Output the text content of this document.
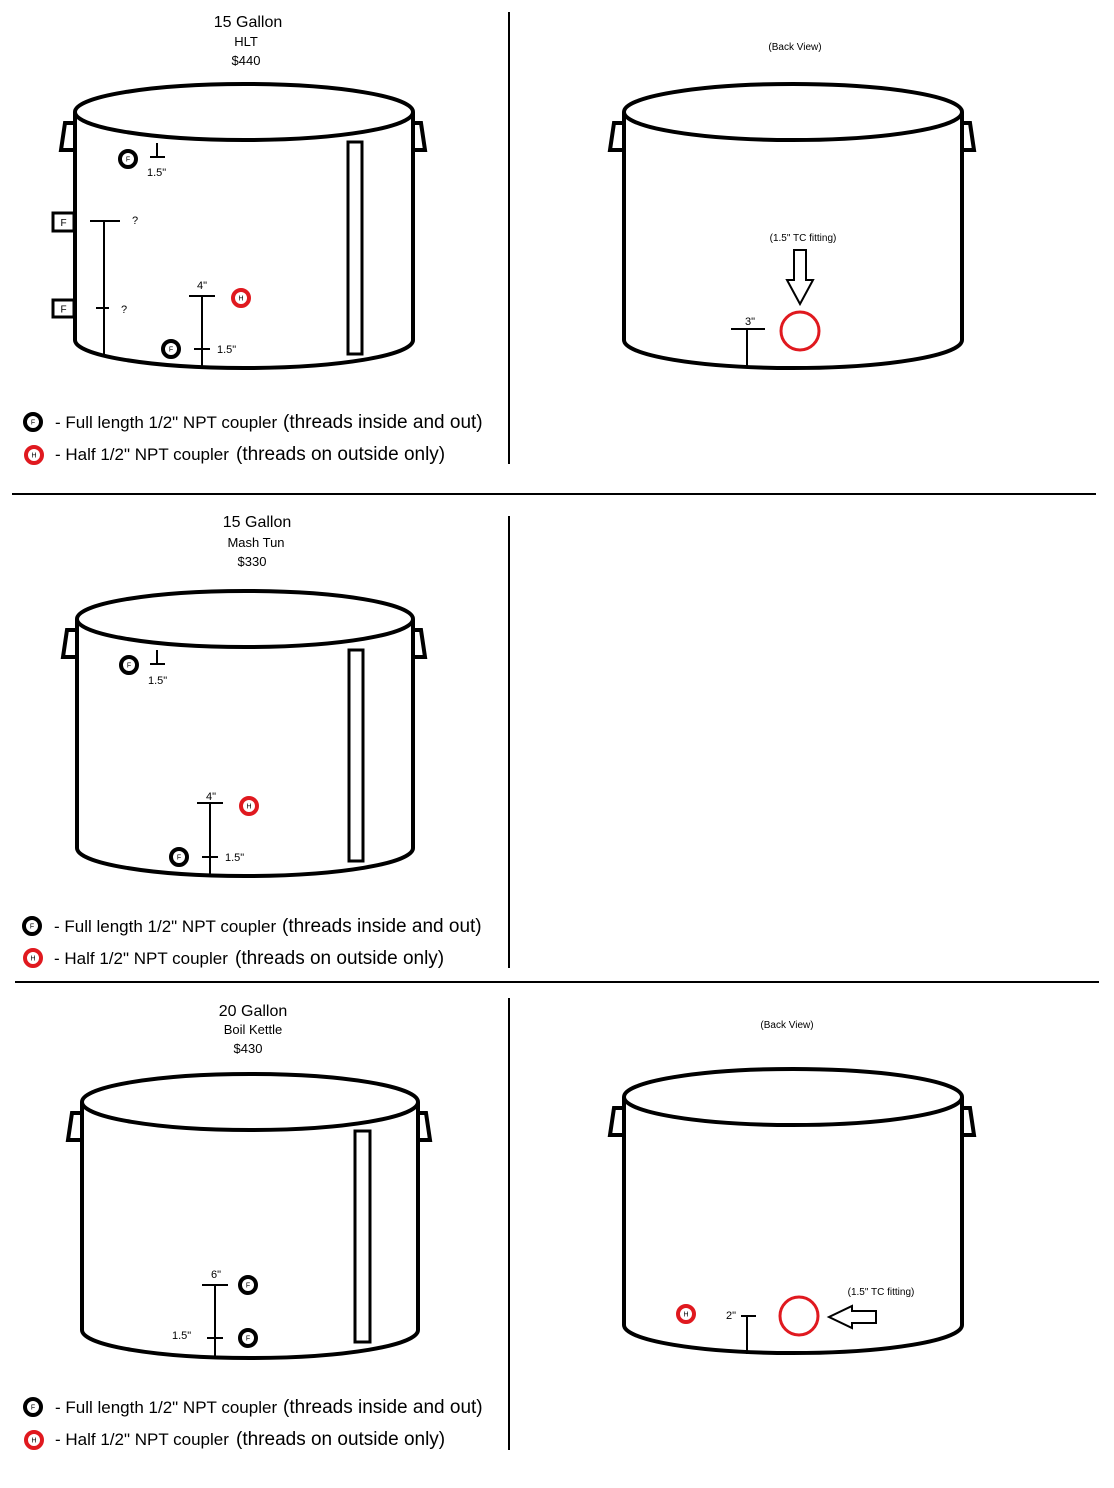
15 Gallon
HLT
$440
F
1.5"
F
F
?
?
4"
1.5"
H
F
F - Full length 1/2" NPT coupler (threads inside and out)
H - Half 1/2" NPT coupler (threads on outside only)
(Back View)
(1.5" TC fitting)
3"
15 Gallon
Mash Tun
$330
F
1.5"
4"
1.5"
H
F
F - Full length 1/2" NPT coupler (threads inside and out)
H - Half 1/2" NPT coupler (threads on outside only)
20 Gallon
Boil Kettle
$430
6"
1.5"
F
F
F - Full length 1/2" NPT coupler (threads inside and out)
H - Half 1/2" NPT coupler (threads on outside only)
(Back View)
(1.5" TC fitting)
2"
H
